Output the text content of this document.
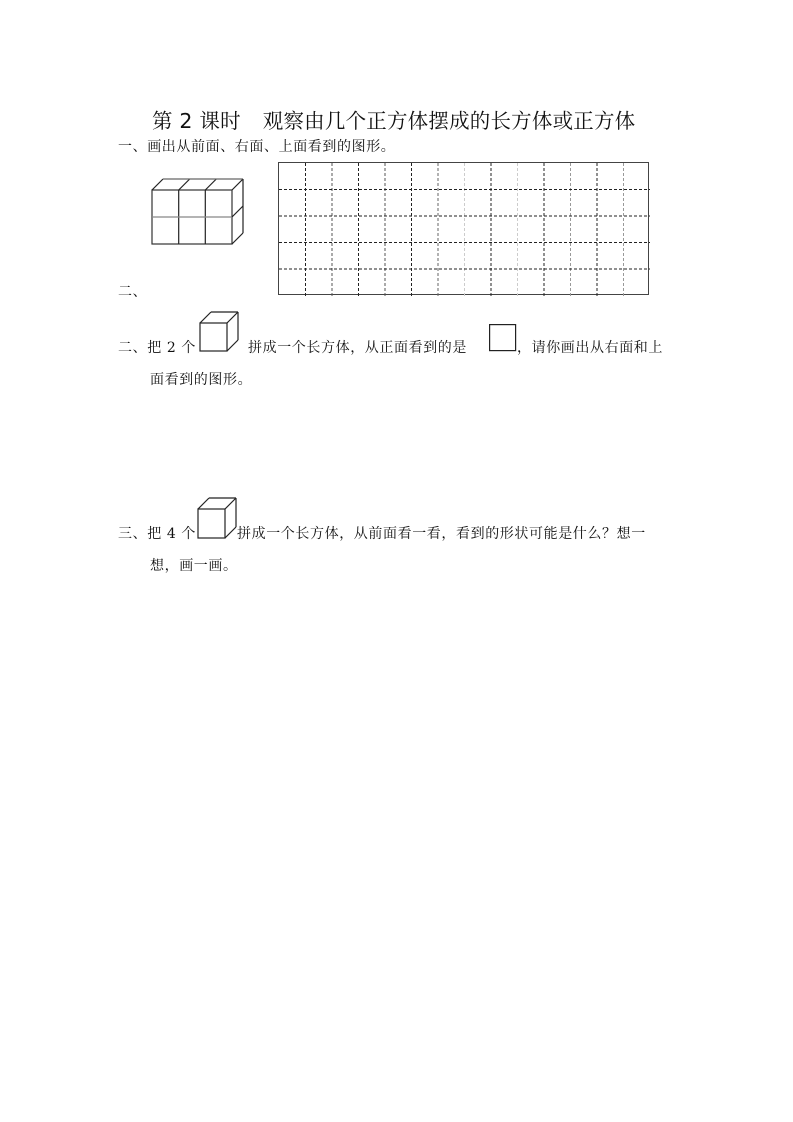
第 2 课时 观察由几个正方体摆成的长方体或正方体
一、画出从前面、右面、上面看到的图形。
二、
二、把 2 个	拼成一个长方体，从正面看到的是	，请你画出从右面和上
面看到的图形。
三、把 4 个	拼成一个长方体，从前面看一看，看到的形状可能是什么？想一
想，画一画。
